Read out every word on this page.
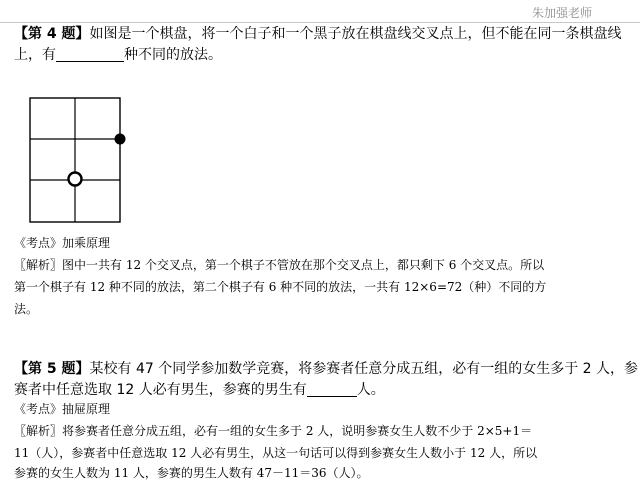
朱加强老师
【第 4 题】如图是一个棋盘，将一个白子和一个黑子放在棋盘线交叉点上，但不能在同一条棋盘线
上，有	种不同的放法。
《考点》加乘原理
〖解析〗图中一共有 12 个交叉点，第一个棋子不管放在那个交叉点上，都只剩下 6 个交叉点。所以
第一个棋子有 12 种不同的放法，第二个棋子有 6 种不同的放法，一共有 12×6=72（种）不同的方
法。
【第 5 题】某校有 47 个同学参加数学竞赛，将参赛者任意分成五组，必有一组的女生多于 2 人，参
赛者中任意选取 12 人必有男生，参赛的男生有	人。
《考点》抽屉原理
〖解析〗将参赛者任意分成五组，必有一组的女生多于 2 人，说明参赛女生人数不少于 2×5+1＝
11（人），参赛者中任意选取 12 人必有男生，从这一句话可以得到参赛女生人数小于 12 人，所以
参赛的女生人数为 11 人，参赛的男生人数有 47－11＝36（人）。
